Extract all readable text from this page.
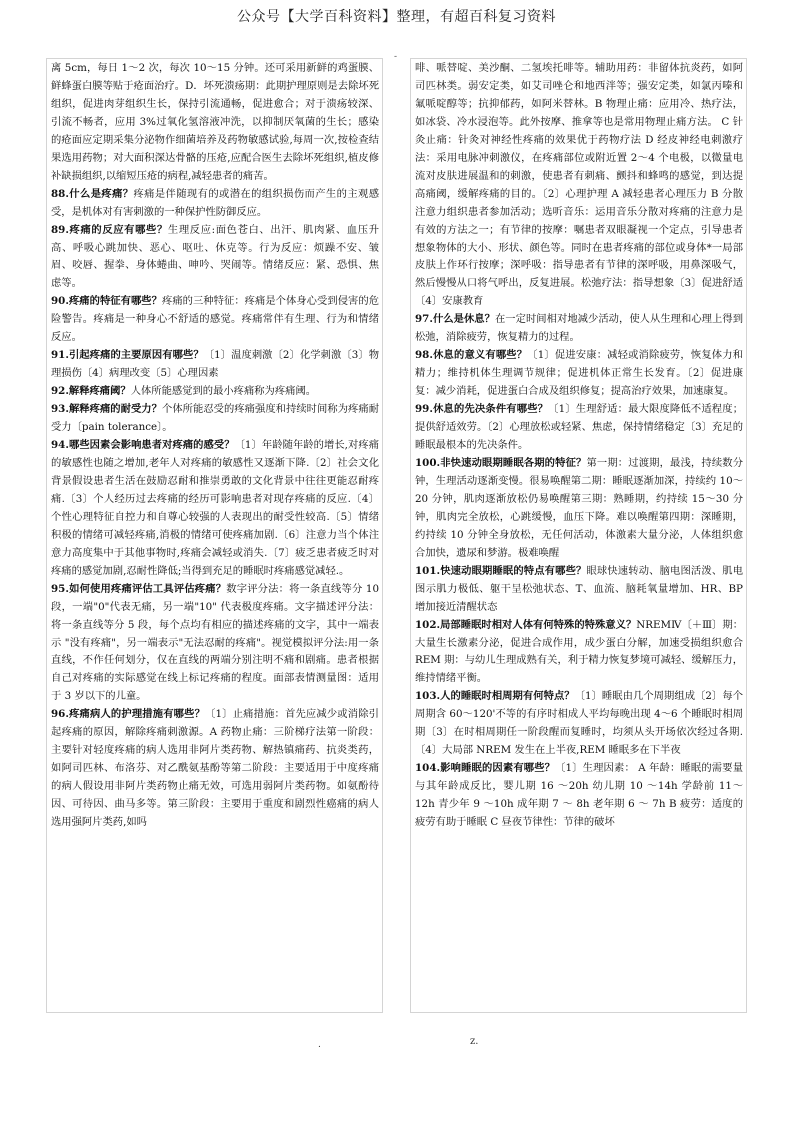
公众号【大学百科资料】整理，有超百科复习资料
-

离 5cm，每日 1～2 次，每次 10～15 分钟。还可采用新鲜的鸡蛋膜、鲜蜂蛋白膜等贴于疮面治疗。D．坏死溃疡期：此期护理原则是去除坏死组织，促进肉芽组织生长，保持引流通畅，促进愈合；对于溃疡较深、引流不畅者，应用 3%过氧化氢溶液冲洗，以抑制厌氧菌的生长；感染的疮面应定期采集分泌物作细菌培养及药物敏感试验,每周一次,按检查结果选用药物；对大面积深达骨骼的压疮,应配合医生去除坏死组织,植皮修补缺损组织,以缩短压疮的病程,减轻患者的痛苦。

88.什么是疼痛？疼痛是伴随现有的或潜在的组织损伤而产生的主观感受，是机体对有害刺激的一种保护性防御反应。

89.疼痛的反应有哪些？生理反应:面色苍白、出汗、肌肉紧、血压升高、呼吸心跳加快、恶心、呕吐、休克等。行为反应：烦躁不安、皱眉、咬唇、握拳、身体蜷曲、呻吟、哭闹等。情绪反应：紧、恐惧、焦虑等。

90.疼痛的特征有哪些？疼痛的三种特征：疼痛是个体身心受到侵害的危险警告。疼痛是一种身心不舒适的感觉。疼痛常伴有生理、行为和情绪反应。

91.引起疼痛的主要原因有哪些？〔1〕温度刺激〔2〕化学刺激〔3〕物理损伤〔4〕病理改变〔5〕心理因素

92.解释疼痛阈？人体所能感觉到的最小疼痛称为疼痛阈。

93.解释疼痛的耐受力？个体所能忍受的疼痛强度和持续时间称为疼痛耐受力〔pain tolerance〕。

94.哪些因素会影响患者对疼痛的感受？〔1〕年龄随年龄的增长,对疼痛的敏感性也随之增加,老年人对疼痛的敏感性又逐渐下降.〔2〕社会文化背景假设患者生活在鼓励忍耐和推崇勇敢的文化背景中往往更能忍耐疼痛.〔3〕个人经历过去疼痛的经历可影响患者对现存疼痛的反应.〔4〕个性心理特征自控力和自尊心较强的人表现出的耐受性较高.〔5〕情绪积极的情绪可减轻疼痛,消极的情绪可使疼痛加剧.〔6〕注意力当个体注意力高度集中于其他事物时,疼痛会减轻或消失.〔7〕疲乏患者疲乏时对疼痛的感觉加剧,忍耐性降低;当得到充足的睡眠时疼痛感觉减轻.。

95.如何使用疼痛评估工具评估疼痛？数字评分法：将一条直线等分 10 段，一端"0"代表无痛，另一端"10" 代表极度疼痛。文字描述评分法：将一条直线等分 5 段，每个点均有相应的描述疼痛的文字，其中一端表示 "没有疼痛"，另一端表示"无法忍耐的疼痛"。视觉模拟评分法:用一条直线，不作任何划分，仅在直线的两端分别注明不痛和剧痛。患者根据自己对疼痛的实际感觉在线上标记疼痛的程度。面部表情测量图：适用于 3 岁以下的儿童。

96.疼痛病人的护理措施有哪些？〔1〕止痛措施：首先应减少或消除引起疼痛的原因，解除疼痛刺激源。A 药物止痛：三阶梯疗法第一阶段：主要针对轻度疼痛的病人选用非阿片类药物、解热镇痛药、抗炎类药，如阿司匹林、布洛芬、对乙酰氨基酚等第二阶段：主要适用于中度疼痛的病人假设用非阿片类药物止痛无效，可选用弱阿片类药物。如氨酚待因、可待因、曲马多等。第三阶段：主要用于重度和剧烈性癌痛的病人选用强阿片类药,如吗

啡、哌替啶、美沙酮、二氢埃托啡等。辅助用药：非留体抗炎药，如阿司匹林类。弱安定类，如艾司唑仑和地西泮等；强安定类，如氯丙嗪和氟哌啶醇等；抗抑郁药，如阿米替林。B 物理止痛：应用冷、热疗法，如冰袋、冷水浸泡等。此外按摩、推拿等也是常用物理止痛方法。 C 针灸止痛：针灸对神经性疼痛的效果优于药物疗法 D 经皮神经电刺激疗法：采用电脉冲刺激仪，在疼痛部位或附近置 2～4 个电极，以微量电流对皮肤进展温和的刺激，使患者有刺痛、颤抖和蜂鸣的感觉，到达提高痛阈，缓解疼痛的目的。〔2〕心理护理 A 减轻患者心理压力 B 分散注意力组织患者参加活动；选听音乐：运用音乐分散对疼痛的注意力是有效的方法之一；有节律的按摩：嘱患者双眼凝视一个定点，引导患者想象物体的大小、形状、颜色等。同时在患者疼痛的部位或身体*一局部皮肤上作环行按摩；深呼吸：指导患者有节律的深呼吸，用鼻深吸气，然后慢慢从口将气呼出，反复进展。松弛疗法：指导想象〔3〕促进舒适〔4〕安康教育

97.什么是休息？在一定时间相对地减少活动，使人从生理和心理上得到松弛，消除疲劳，恢复精力的过程。

98.休息的意义有哪些？〔1〕促进安康：减轻或消除疲劳，恢复体力和精力；维持机体生理调节规律；促进机体正常生长发育。〔2〕促进康复：减少消耗，促进蛋白合成及组织修复；提高治疗效果，加速康复。

99.休息的先决条件有哪些？〔1〕生理舒适：最大限度降低不适程度；提供舒适效劳。〔2〕心理放松或轻紧、焦虑，保持情绪稳定〔3〕充足的睡眠最根本的先决条件。

100.非快速动眼期睡眠各期的特征？第一期：过渡期，最浅，持续数分钟，生理活动逐渐变慢。很易唤醒第二期：睡眠逐渐加深，持续约 10～20 分钟，肌肉逐渐放松仍易唤醒第三期：熟睡期，约持续 15～30 分钟，肌肉完全放松，心跳缓慢，血压下降。难以唤醒第四期：深睡期，约持续 10 分钟全身放松，无任何活动，体激素大量分泌，人体组织愈合加快，遗尿和梦游。极难唤醒

101.快速动眼期睡眠的特点有哪些？眼球快速转动、脑电图活泼、肌电图示肌力极低、躯干呈松弛状态、T、血流、脑耗氧量增加、HR、BP 增加接近清醒状态

102.局部睡眠时相对人体有何特殊的特殊意义？NREMⅣ〔＋Ⅲ〕期：大量生长激素分泌，促进合成作用，成少蛋白分解，加速受损组织愈合 REM 期：与幼儿生理成熟有关，利于精力恢复梦境可减轻、缓解压力，维持情绪平衡。

103.人的睡眠时相周期有何特点？〔1〕睡眠由几个周期组成〔2〕每个周期含 60～120'不等的有序时相成人平均每晚出现 4～6 个睡眠时相周期〔3〕在时相周期任一阶段醒而复睡时，均须从头开场依次经过各期.〔4〕大局部 NREM 发生在上半夜,REM 睡眠多在下半夜

104.影响睡眠的因素有哪些？〔1〕生理因素： A 年龄：睡眠的需要量与其年龄成反比，婴儿期 16 ～20h 幼儿期 10 ～14h 学龄前 11～ 12h 青少年 9 ～10h 成年期 7 ～ 8h 老年期 6 ～ 7h B 疲劳：适度的疲劳有助于睡眠 C 昼夜节律性：节律的破坏

.	z.
